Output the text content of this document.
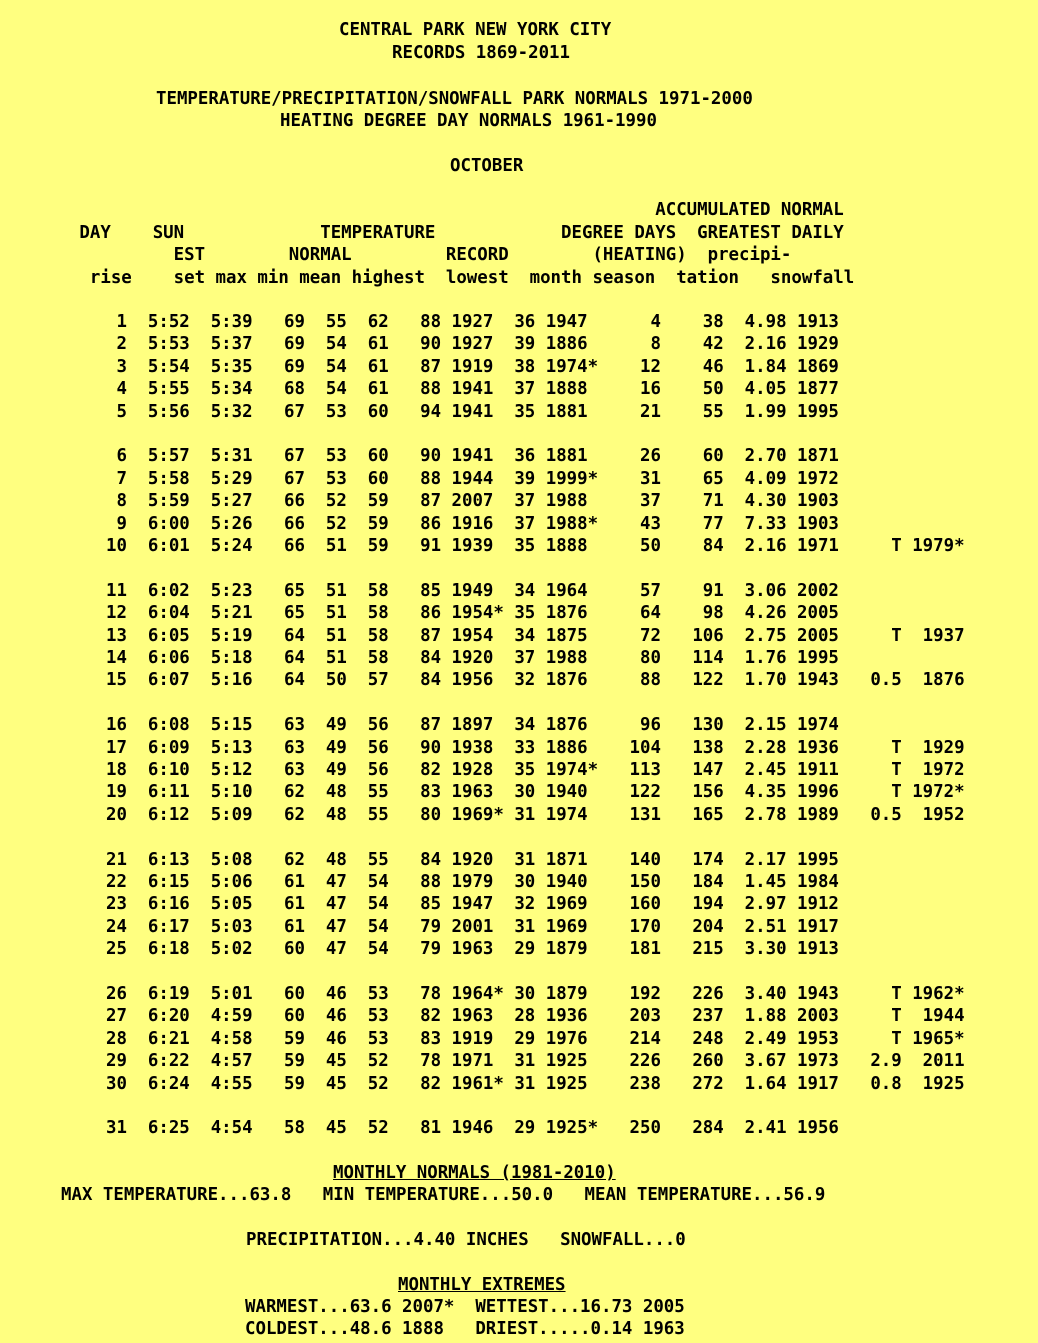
CENTRAL PARK NEW YORK CITY
RECORDS 1869-2011
TEMPERATURE/PRECIPITATION/SNOWFALL PARK NORMALS 1971-2000
HEATING DEGREE DAY NORMALS 1961-1990
OCTOBER
ACCUMULATED NORMAL
DAY    SUN             TEMPERATURE            DEGREE DAYS  GREATEST DAILY
EST        NORMAL         RECORD        (HEATING)  precipi-
rise    set max min mean highest  lowest  month season  tation   snowfall
1  5:52  5:39   69  55  62   88 1927  36 1947      4    38  4.98 1913
2  5:53  5:37   69  54  61   90 1927  39 1886      8    42  2.16 1929
3  5:54  5:35   69  54  61   87 1919  38 1974*    12    46  1.84 1869
4  5:55  5:34   68  54  61   88 1941  37 1888     16    50  4.05 1877
5  5:56  5:32   67  53  60   94 1941  35 1881     21    55  1.99 1995
6  5:57  5:31   67  53  60   90 1941  36 1881     26    60  2.70 1871
7  5:58  5:29   67  53  60   88 1944  39 1999*    31    65  4.09 1972
8  5:59  5:27   66  52  59   87 2007  37 1988     37    71  4.30 1903
9  6:00  5:26   66  52  59   86 1916  37 1988*    43    77  7.33 1903
10  6:01  5:24   66  51  59   91 1939  35 1888     50    84  2.16 1971     T 1979*
11  6:02  5:23   65  51  58   85 1949  34 1964     57    91  3.06 2002
12  6:04  5:21   65  51  58   86 1954* 35 1876     64    98  4.26 2005
13  6:05  5:19   64  51  58   87 1954  34 1875     72   106  2.75 2005     T  1937
14  6:06  5:18   64  51  58   84 1920  37 1988     80   114  1.76 1995
15  6:07  5:16   64  50  57   84 1956  32 1876     88   122  1.70 1943   0.5  1876
16  6:08  5:15   63  49  56   87 1897  34 1876     96   130  2.15 1974
17  6:09  5:13   63  49  56   90 1938  33 1886    104   138  2.28 1936     T  1929
18  6:10  5:12   63  49  56   82 1928  35 1974*   113   147  2.45 1911     T  1972
19  6:11  5:10   62  48  55   83 1963  30 1940    122   156  4.35 1996     T 1972*
20  6:12  5:09   62  48  55   80 1969* 31 1974    131   165  2.78 1989   0.5  1952
21  6:13  5:08   62  48  55   84 1920  31 1871    140   174  2.17 1995
22  6:15  5:06   61  47  54   88 1979  30 1940    150   184  1.45 1984
23  6:16  5:05   61  47  54   85 1947  32 1969    160   194  2.97 1912
24  6:17  5:03   61  47  54   79 2001  31 1969    170   204  2.51 1917
25  6:18  5:02   60  47  54   79 1963  29 1879    181   215  3.30 1913
26  6:19  5:01   60  46  53   78 1964* 30 1879    192   226  3.40 1943     T 1962*
27  6:20  4:59   60  46  53   82 1963  28 1936    203   237  1.88 2003     T  1944
28  6:21  4:58   59  46  53   83 1919  29 1976    214   248  2.49 1953     T 1965*
29  6:22  4:57   59  45  52   78 1971  31 1925    226   260  3.67 1973   2.9  2011
30  6:24  4:55   59  45  52   82 1961* 31 1925    238   272  1.64 1917   0.8  1925
31  6:25  4:54   58  45  52   81 1946  29 1925*   250   284  2.41 1956
MONTHLY NORMALS (1981-2010)
MAX TEMPERATURE...63.8   MIN TEMPERATURE...50.0   MEAN TEMPERATURE...56.9
PRECIPITATION...4.40 INCHES   SNOWFALL...0
MONTHLY EXTREMES
WARMEST...63.6 2007*  WETTEST...16.73 2005
COLDEST...48.6 1888   DRIEST.....0.14 1963
